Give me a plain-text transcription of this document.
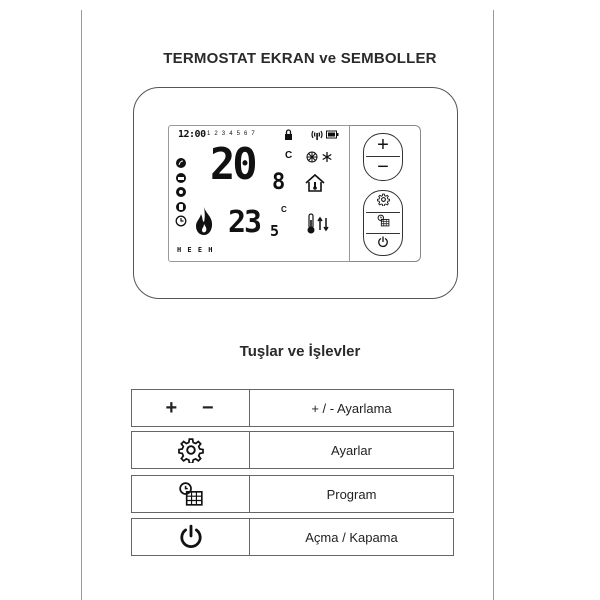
TERMOSTAT EKRAN ve SEMBOLLER
12:00 1 2 3 4 5 6 7
20 8
C
23 5
C
H E E H
+
−
Tuşlar ve İşlevler
+   −	+ / - Ayarlama
Ayarlar
Program
Açma / Kapama
